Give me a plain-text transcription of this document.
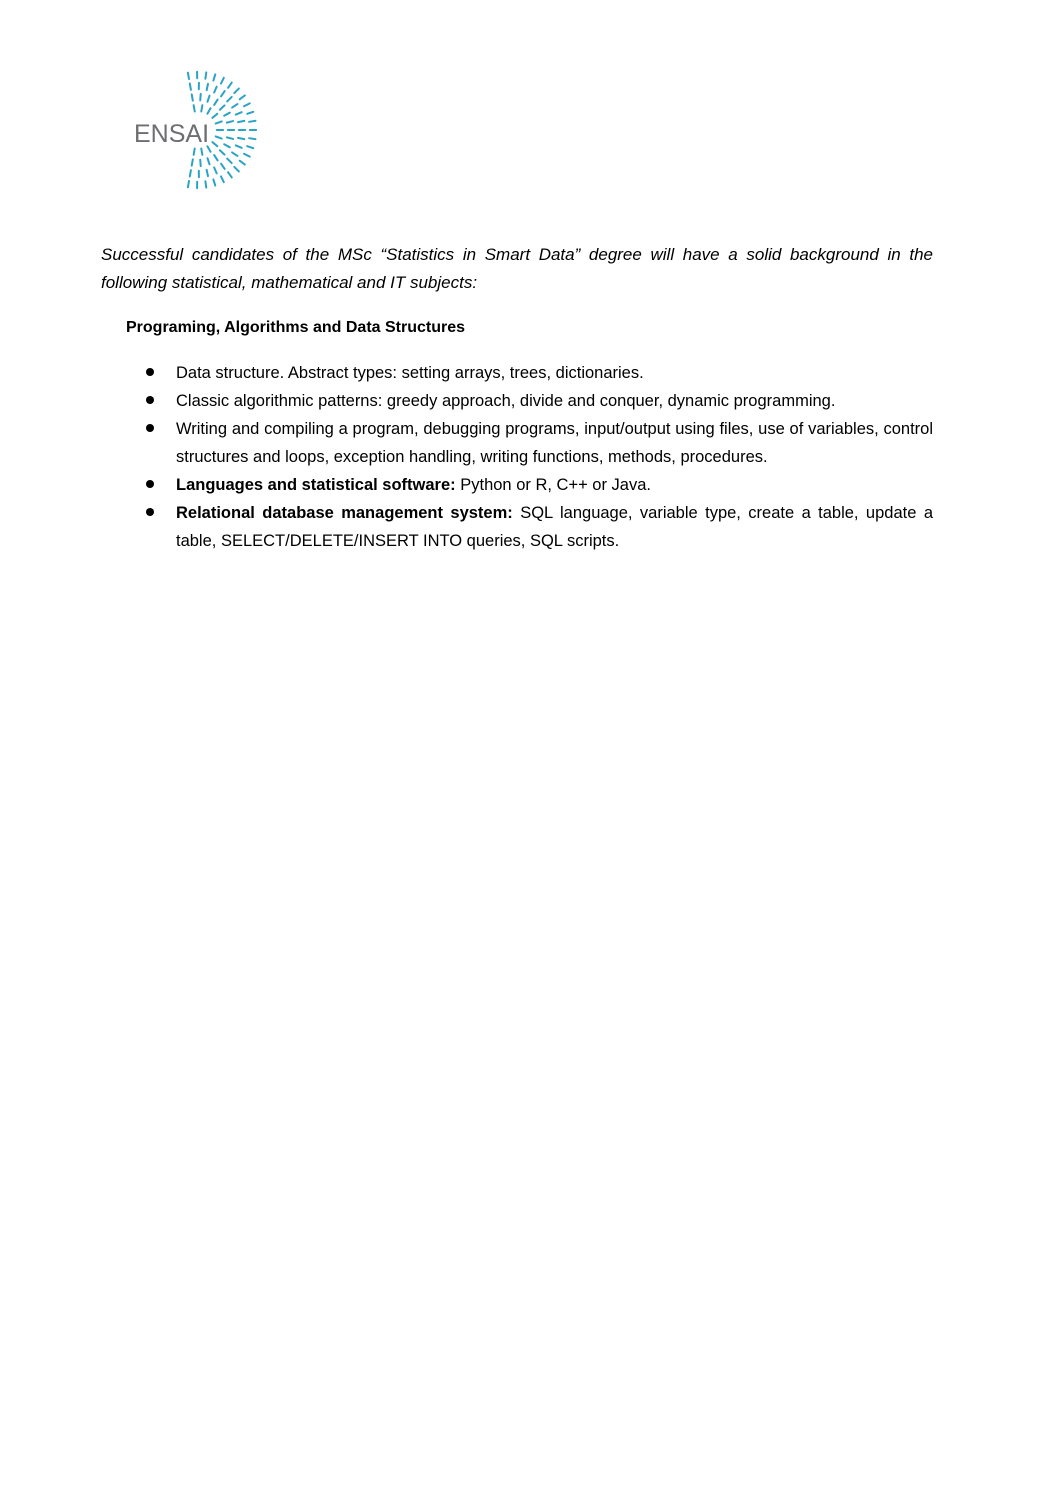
ENSAI
Successful candidates of the MSc “Statistics in Smart Data” degree will have a solid background in the following statistical, mathematical and IT subjects:
Programing, Algorithms and Data Structures
Data structure. Abstract types: setting arrays, trees, dictionaries.
Classic algorithmic patterns: greedy approach, divide and conquer, dynamic programming.
Writing and compiling a program, debugging programs, input/output using files, use of variables, control structures and loops, exception handling, writing functions, methods, procedures.
Languages and statistical software: Python or R, C++ or Java.
Relational database management system: SQL language, variable type, create a table, update a table, SELECT/DELETE/INSERT INTO queries, SQL scripts.
